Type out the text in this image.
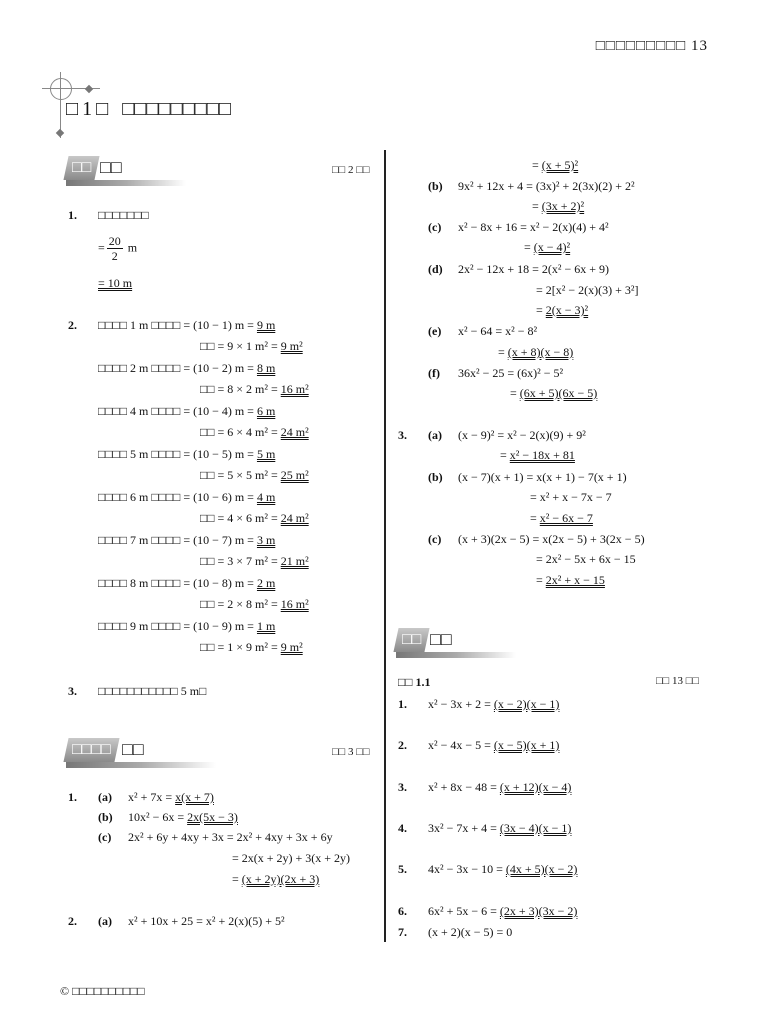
□□□□□□□□□ 13
□ 1 □ □□□□□□□□□
□□ □□	□□ 2 □□
1. □□□□□□□
= $\frac{20}{2}$ m
= 10 m
2. □□□□ 1 m □□□□ = (10 − 1) m = 9 m
□□ = 9 × 1 m² = 9 m²
□□□□ 2 m □□□□ = (10 − 2) m = 8 m
□□ = 8 × 2 m² = 16 m²
□□□□ 4 m □□□□ = (10 − 4) m = 6 m
□□ = 6 × 4 m² = 24 m²
□□□□ 5 m □□□□ = (10 − 5) m = 5 m
□□ = 5 × 5 m² = 25 m²
□□□□ 6 m □□□□ = (10 − 6) m = 4 m
□□ = 4 × 6 m² = 24 m²
□□□□ 7 m □□□□ = (10 − 7) m = 3 m
□□ = 3 × 7 m² = 21 m²
□□□□ 8 m □□□□ = (10 − 8) m = 2 m
□□ = 2 × 8 m² = 16 m²
□□□□ 9 m □□□□ = (10 − 9) m = 1 m
□□ = 1 × 9 m² = 9 m²
3. □□□□□□□□□□□ 5 m□
□□□□ □□	□□ 3 □□
1. (a) x² + 7x = x(x + 7)
(b) 10x² − 6x = 2x(5x − 3)
(c) 2x² + 6y + 4xy + 3x = 2x² + 4xy + 3x + 6y
= 2x(x + 2y) + 3(x + 2y)
= (x + 2y)(2x + 3)
2. (a) x² + 10x + 25 = x² + 2(x)(5) + 5²
= (x + 5)²
(b) 9x² + 12x + 4 = (3x)² + 2(3x)(2) + 2²
= (3x + 2)²
(c) x² − 8x + 16 = x² − 2(x)(4) + 4²
= (x − 4)²
(d) 2x² − 12x + 18 = 2(x² − 6x + 9)
= 2[x² − 2(x)(3) + 3²]
= 2(x − 3)²
(e) x² − 64 = x² − 8²
= (x + 8)(x − 8)
(f) 36x² − 25 = (6x)² − 5²
= (6x + 5)(6x − 5)
3. (a) (x − 9)² = x² − 2(x)(9) + 9²
= x² − 18x + 81
(b) (x − 7)(x + 1) = x(x + 1) − 7(x + 1)
= x² + x − 7x − 7
= x² − 6x − 7
(c) (x + 3)(2x − 5) = x(2x − 5) + 3(2x − 5)
= 2x² − 5x + 6x − 15
= 2x² + x − 15
□□ □□
□□ 1.1	□□ 13 □□
1. x² − 3x + 2 = (x − 2)(x − 1)
2. x² − 4x − 5 = (x − 5)(x + 1)
3. x² + 8x − 48 = (x + 12)(x − 4)
4. 3x² − 7x + 4 = (3x − 4)(x − 1)
5. 4x² − 3x − 10 = (4x + 5)(x − 2)
6. 6x² + 5x − 6 = (2x + 3)(3x − 2)
7. (x + 2)(x − 5) = 0
© □□□□□□□□□□
